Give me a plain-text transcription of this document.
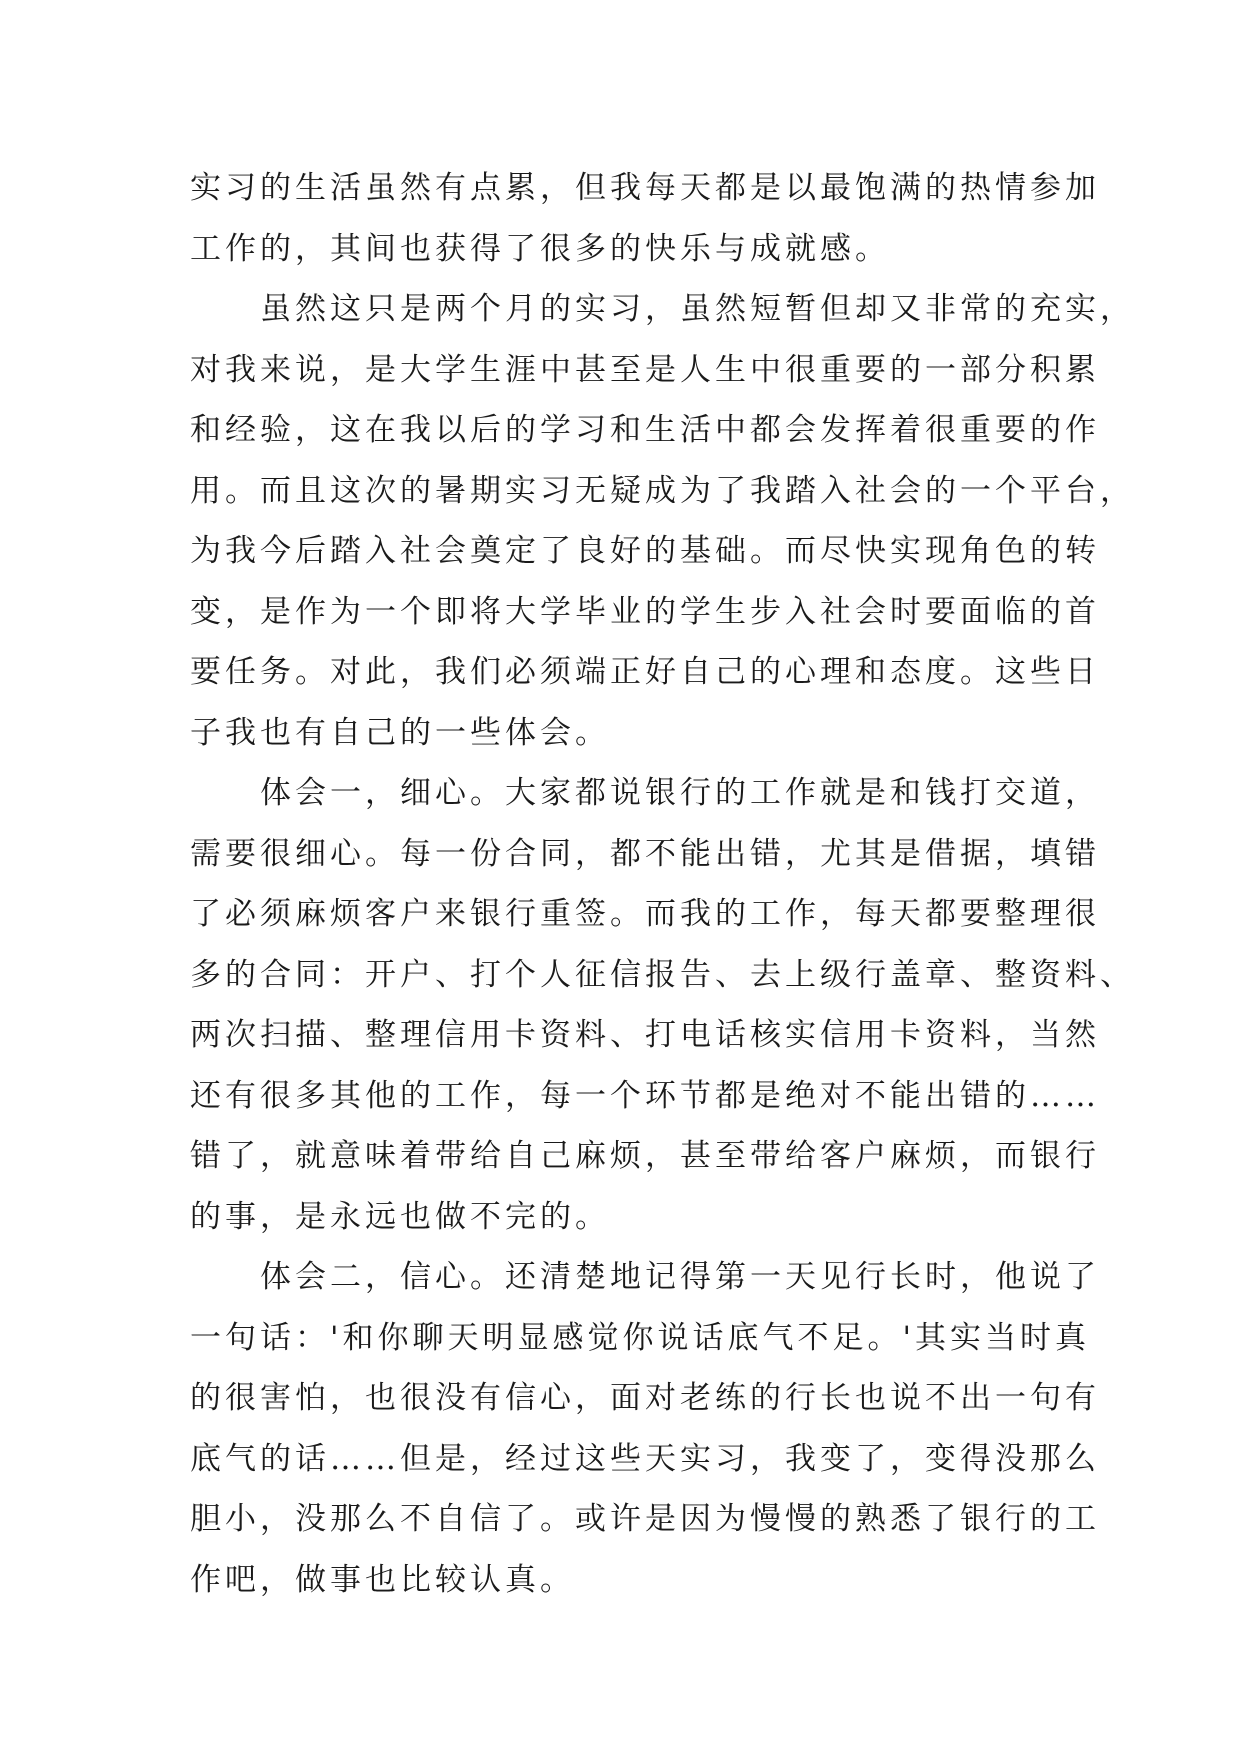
实习的生活虽然有点累，但我每天都是以最饱满的热情参加
工作的，其间也获得了很多的快乐与成就感。
虽然这只是两个月的实习，虽然短暂但却又非常的充实，
对我来说，是大学生涯中甚至是人生中很重要的一部分积累
和经验，这在我以后的学习和生活中都会发挥着很重要的作
用。而且这次的暑期实习无疑成为了我踏入社会的一个平台，
为我今后踏入社会奠定了良好的基础。而尽快实现角色的转
变，是作为一个即将大学毕业的学生步入社会时要面临的首
要任务。对此，我们必须端正好自己的心理和态度。这些日
子我也有自己的一些体会。
体会一，细心。大家都说银行的工作就是和钱打交道，
需要很细心。每一份合同，都不能出错，尤其是借据，填错
了必须麻烦客户来银行重签。而我的工作，每天都要整理很
多的合同：开户、打个人征信报告、去上级行盖章、整资料、
两次扫描、整理信用卡资料、打电话核实信用卡资料，当然
还有很多其他的工作，每一个环节都是绝对不能出错的……
错了，就意味着带给自己麻烦，甚至带给客户麻烦，而银行
的事，是永远也做不完的。
体会二，信心。还清楚地记得第一天见行长时，他说了
一句话：'和你聊天明显感觉你说话底气不足。'其实当时真
的很害怕，也很没有信心，面对老练的行长也说不出一句有
底气的话……但是，经过这些天实习，我变了，变得没那么
胆小，没那么不自信了。或许是因为慢慢的熟悉了银行的工
作吧，做事也比较认真。
